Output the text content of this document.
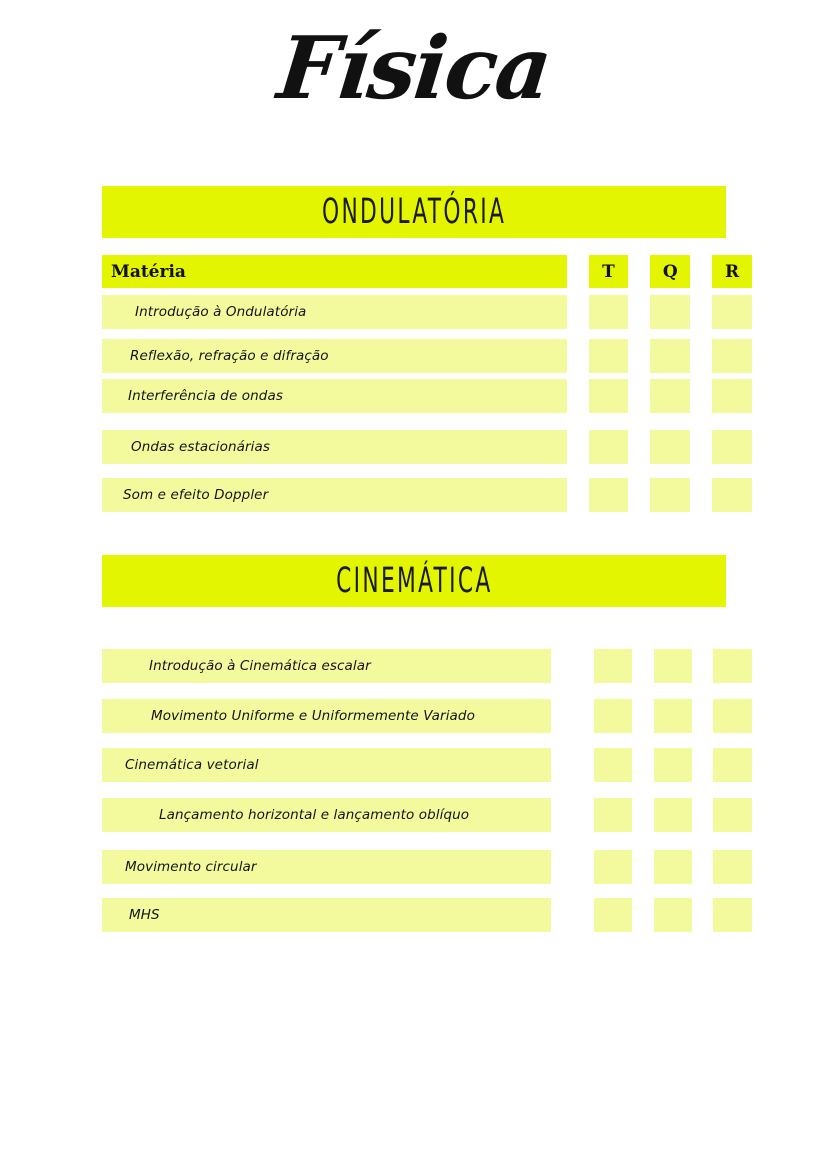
Física
ONDULATÓRIA
Matéria	T	Q	R
Introdução à Ondulatória
Reflexão, refração e difração
Interferência de ondas
Ondas estacionárias
Som e efeito Doppler
CINEMÁTICA
Introdução à Cinemática escalar
Movimento Uniforme e Uniformemente Variado
Cinemática vetorial
Lançamento horizontal e lançamento oblíquo
Movimento circular
MHS
